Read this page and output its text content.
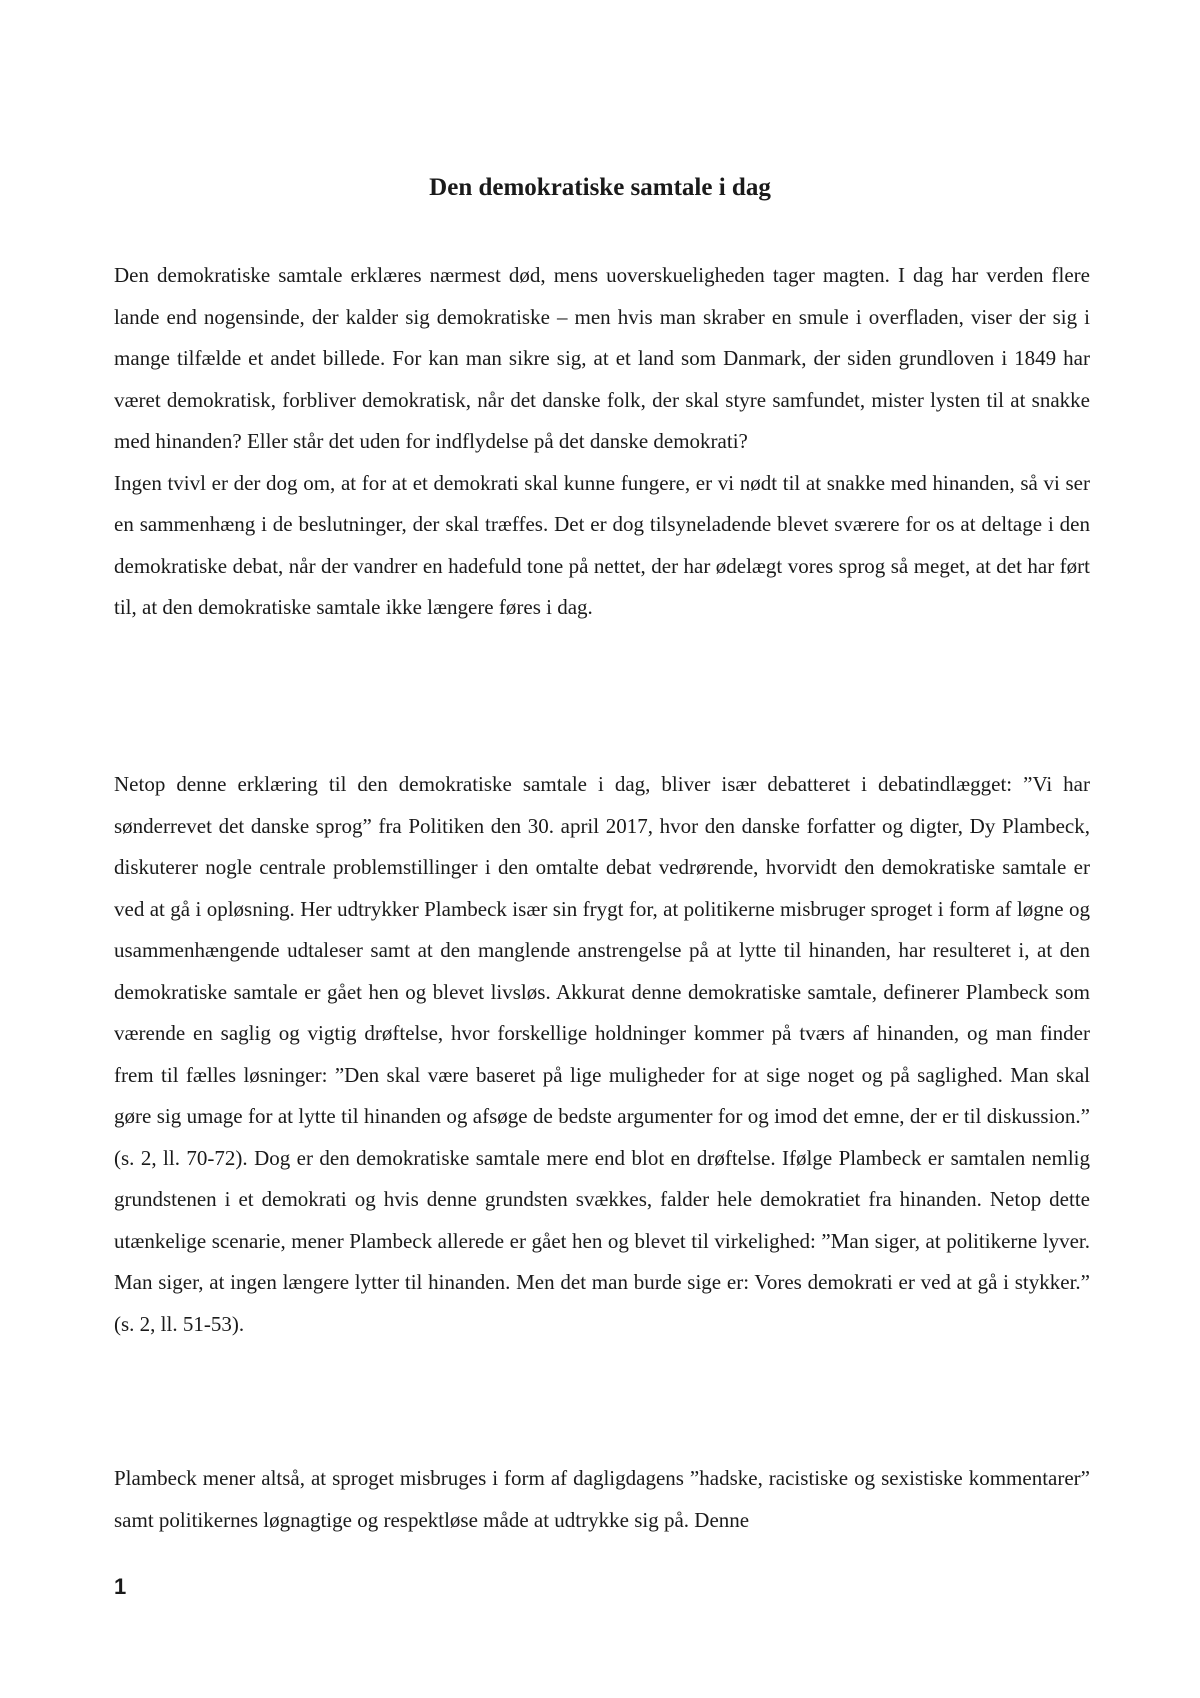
Den demokratiske samtale i dag

Den demokratiske samtale erklæres nærmest død, mens uoverskueligheden tager magten. I dag har verden flere lande end nogensinde, der kalder sig demokratiske – men hvis man skraber en smule i overfladen, viser der sig i mange tilfælde et andet billede. For kan man sikre sig, at et land som Danmark, der siden grundloven i 1849 har været demokratisk, forbliver demokratisk, når det danske folk, der skal styre samfundet, mister lysten til at snakke med hinanden? Eller står det uden for indflydelse på det danske demokrati?

Ingen tvivl er der dog om, at for at et demokrati skal kunne fungere, er vi nødt til at snakke med hinanden, så vi ser en sammenhæng i de beslutninger, der skal træffes. Det er dog tilsyneladende blevet sværere for os at deltage i den demokratiske debat, når der vandrer en hadefuld tone på nettet, der har ødelægt vores sprog så meget, at det har ført til, at den demokratiske samtale ikke længere føres i dag.

Netop denne erklæring til den demokratiske samtale i dag, bliver især debatteret i debatindlægget: ”Vi har sønderrevet det danske sprog” fra Politiken den 30. april 2017, hvor den danske forfatter og digter, Dy Plambeck, diskuterer nogle centrale problemstillinger i den omtalte debat vedrørende, hvorvidt den demokratiske samtale er ved at gå i opløsning. Her udtrykker Plambeck især sin frygt for, at politikerne misbruger sproget i form af løgne og usammenhængende udtaleser samt at den manglende anstrengelse på at lytte til hinanden, har resulteret i, at den demokratiske samtale er gået hen og blevet livsløs. Akkurat denne demokratiske samtale, definerer Plambeck som værende en saglig og vigtig drøftelse, hvor forskellige holdninger kommer på tværs af hinanden, og man finder frem til fælles løsninger: ”Den skal være baseret på lige muligheder for at sige noget og på saglighed. Man skal gøre sig umage for at lytte til hinanden og afsøge de bedste argumenter for og imod det emne, der er til diskussion.” (s. 2, ll. 70-72). Dog er den demokratiske samtale mere end blot en drøftelse. Ifølge Plambeck er samtalen nemlig grundstenen i et demokrati og hvis denne grundsten svækkes, falder hele demokratiet fra hinanden. Netop dette utænkelige scenarie, mener Plambeck allerede er gået hen og blevet til virkelighed: ”Man siger, at politikerne lyver. Man siger, at ingen længere lytter til hinanden. Men det man burde sige er: Vores demokrati er ved at gå i stykker.” (s. 2, ll. 51-53).

Plambeck mener altså, at sproget misbruges i form af dagligdagens ”hadske, racistiske og sexistiske kommentarer” samt politikernes løgnagtige og respektløse måde at udtrykke sig på. Denne

1
